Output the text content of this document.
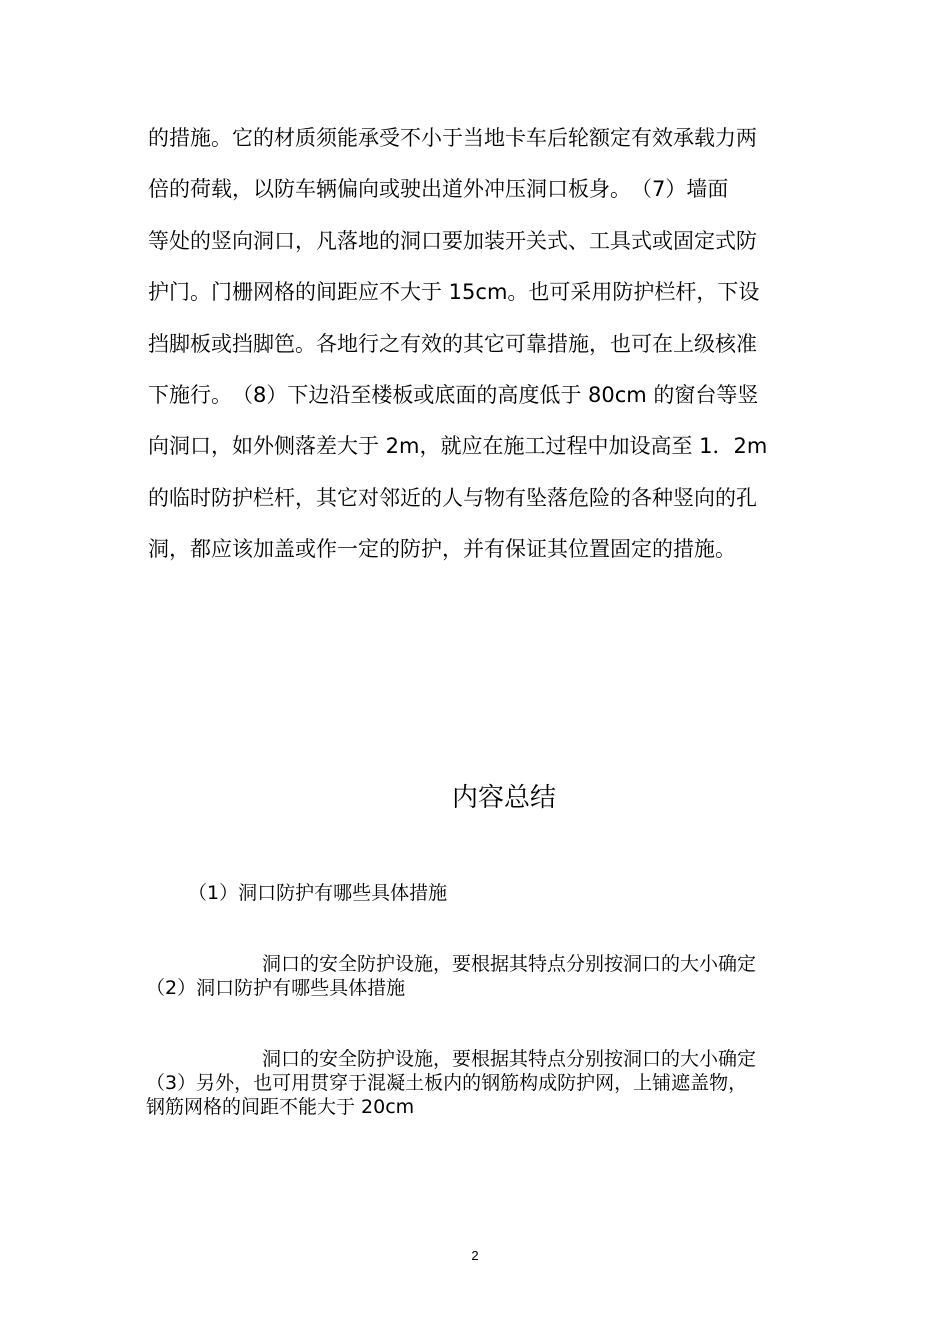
的措施。它的材质须能承受不小于当地卡车后轮额定有效承载力两
倍的荷载，以防车辆偏向或驶出道外冲压洞口板身。　（7）墙面
等处的竖向洞口，凡落地的洞口要加装开关式、工具式或固定式防
护门。门栅网格的间距应不大于 15cm。也可采用防护栏杆，下设
挡脚板或挡脚笆。各地行之有效的其它可靠措施，也可在上级核准
下施行。　（8）下边沿至楼板或底面的高度低于 80cm 的窗台等竖
向洞口，如外侧落差大于 2m，就应在施工过程中加设高至 1．2m
的临时防护栏杆，其它对邻近的人与物有坠落危险的各种竖向的孔
洞，都应该加盖或作一定的防护，并有保证其位置固定的措施。
内容总结
（1）洞口防护有哪些具体措施
洞口的安全防护设施，要根据其特点分别按洞口的大小确定
（2）洞口防护有哪些具体措施
洞口的安全防护设施，要根据其特点分别按洞口的大小确定
（3）另外，也可用贯穿于混凝土板内的钢筋构成防护网，上铺遮盖物，
钢筋网格的间距不能大于 20cm
2
